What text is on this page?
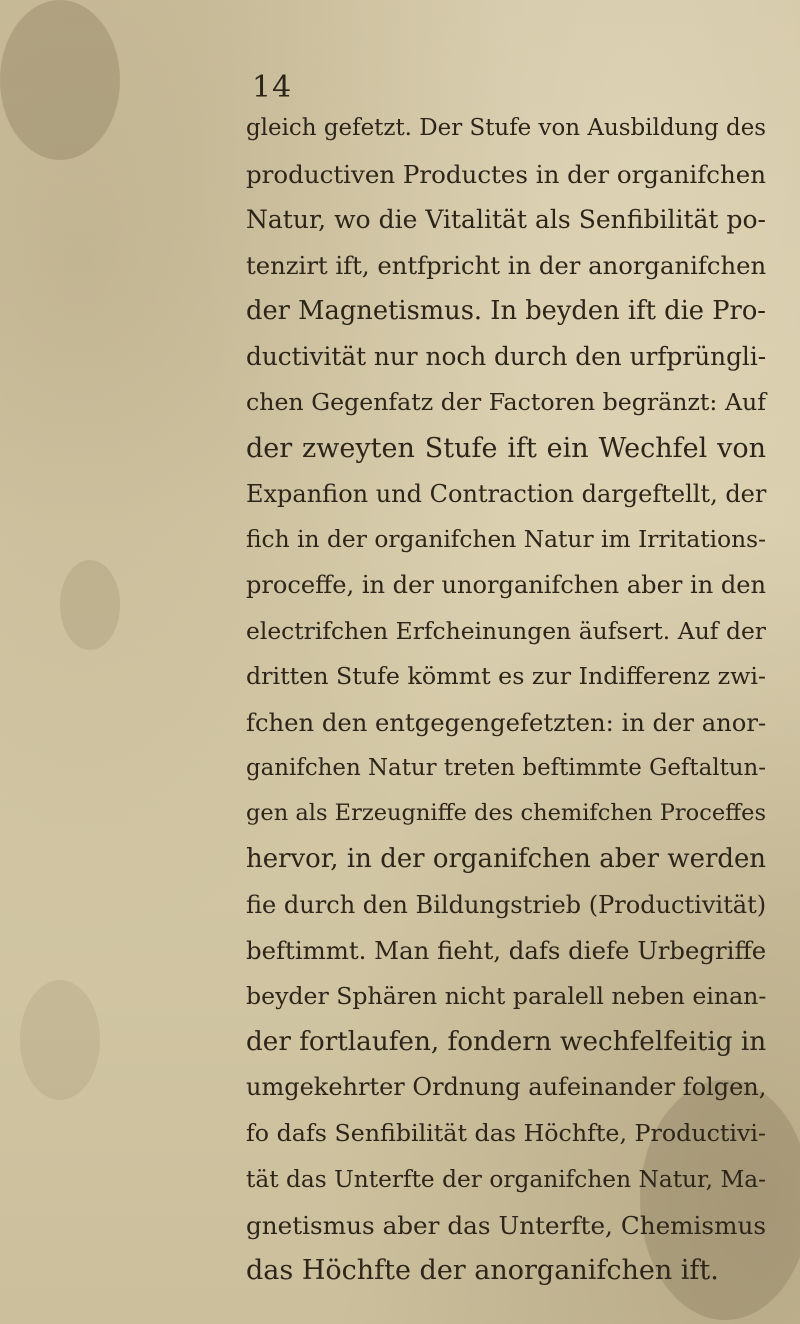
14
gleich gefetzt. Der Stufe von Ausbildung des
productiven Productes in der organifchen
Natur, wo die Vitalität als Senfibilität po-
tenzirt ift, entfpricht in der anorganifchen
der Magnetismus. In beyden ift die Pro-
ductivität nur noch durch den urfprüngli-
chen Gegenfatz der Factoren begränzt: Auf
der zweyten Stufe ift ein Wechfel von
Expanfion und Contraction dargeftellt, der
fich in der organifchen Natur im Irritations-
proceffe, in der unorganifchen aber in den
electrifchen Erfcheinungen äufsert. Auf der
dritten Stufe kömmt es zur Indifferenz zwi-
fchen den entgegengefetzten: in der anor-
ganifchen Natur treten beftimmte Geftaltun-
gen als Erzeugniffe des chemifchen Proceffes
hervor, in der organifchen aber werden
fie durch den Bildungstrieb (Productivität)
beftimmt. Man fieht, dafs diefe Urbegriffe
beyder Sphären nicht paralell neben einan-
der fortlaufen, fondern wechfelfeitig in
umgekehrter Ordnung aufeinander folgen,
fo dafs Senfibilität das Höchfte, Productivi-
tät das Unterfte der organifchen Natur, Ma-
gnetismus aber das Unterfte, Chemismus
das Höchfte der anorganifchen ift.
